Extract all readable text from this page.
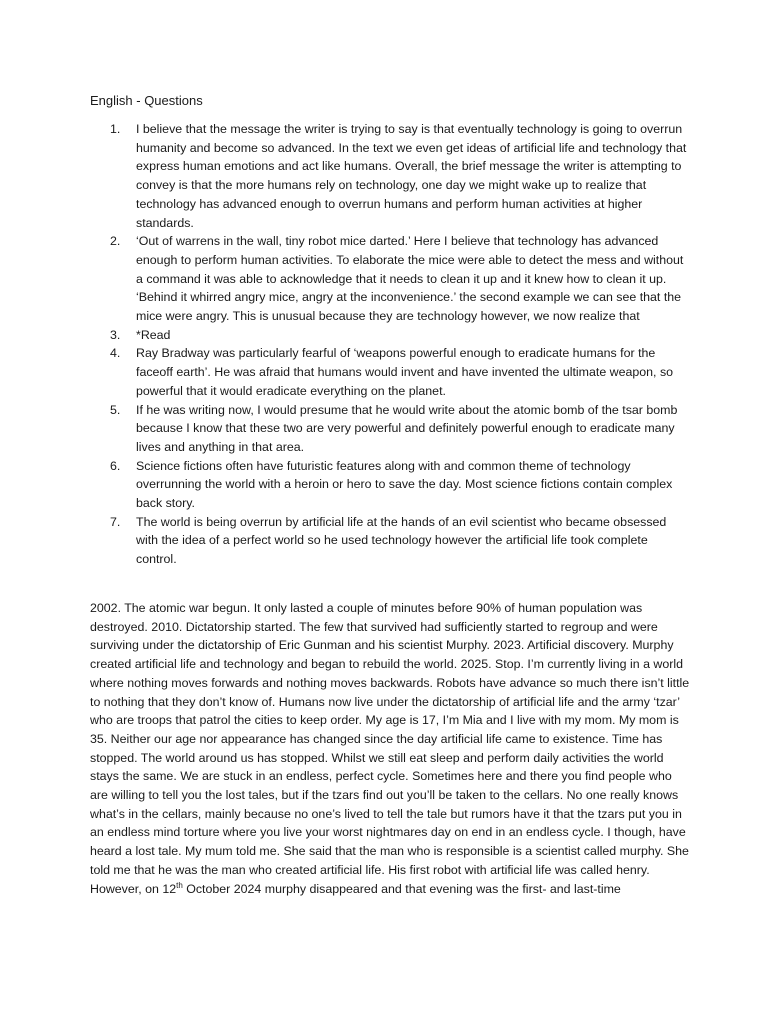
English - Questions
1. I believe that the message the writer is trying to say is that eventually technology is going to overrun humanity and become so advanced. In the text we even get ideas of artificial life and technology that express human emotions and act like humans. Overall, the brief message the writer is attempting to convey is that the more humans rely on technology, one day we might wake up to realize that technology has advanced enough to overrun humans and perform human activities at higher standards.
2. ‘Out of warrens in the wall, tiny robot mice darted.’ Here I believe that technology has advanced enough to perform human activities. To elaborate the mice were able to detect the mess and without a command it was able to acknowledge that it needs to clean it up and it knew how to clean it up. ‘Behind it whirred angry mice, angry at the inconvenience.’ the second example we can see that the mice were angry. This is unusual because they are technology however, we now realize that
3. *Read
4. Ray Bradway was particularly fearful of ‘weapons powerful enough to eradicate humans for the faceoff earth’. He was afraid that humans would invent and have invented the ultimate weapon, so powerful that it would eradicate everything on the planet.
5. If he was writing now, I would presume that he would write about the atomic bomb of the tsar bomb because I know that these two are very powerful and definitely powerful enough to eradicate many lives and anything in that area.
6. Science fictions often have futuristic features along with and common theme of technology overrunning the world with a heroin or hero to save the day. Most science fictions contain complex back story.
7. The world is being overrun by artificial life at the hands of an evil scientist who became obsessed with the idea of a perfect world so he used technology however the artificial life took complete control.

2002. The atomic war begun. It only lasted a couple of minutes before 90% of human population was destroyed. 2010. Dictatorship started. The few that survived had sufficiently started to regroup and were surviving under the dictatorship of Eric Gunman and his scientist Murphy. 2023. Artificial discovery. Murphy created artificial life and technology and began to rebuild the world. 2025. Stop. I’m currently living in a world where nothing moves forwards and nothing moves backwards. Robots have advance so much there isn’t little to nothing that they don’t know of. Humans now live under the dictatorship of artificial life and the army ‘tzar’ who are troops that patrol the cities to keep order. My age is 17, I’m Mia and I live with my mom. My mom is 35. Neither our age nor appearance has changed since the day artificial life came to existence. Time has stopped. The world around us has stopped. Whilst we still eat sleep and perform daily activities the world stays the same. We are stuck in an endless, perfect cycle. Sometimes here and there you find people who are willing to tell you the lost tales, but if the tzars find out you’ll be taken to the cellars. No one really knows what’s in the cellars, mainly because no one’s lived to tell the tale but rumors have it that the tzars put you in an endless mind torture where you live your worst nightmares day on end in an endless cycle. I though, have heard a lost tale. My mum told me. She said that the man who is responsible is a scientist called murphy. She told me that he was the man who created artificial life. His first robot with artificial life was called henry. However, on 12th October 2024 murphy disappeared and that evening was the first- and last-time
